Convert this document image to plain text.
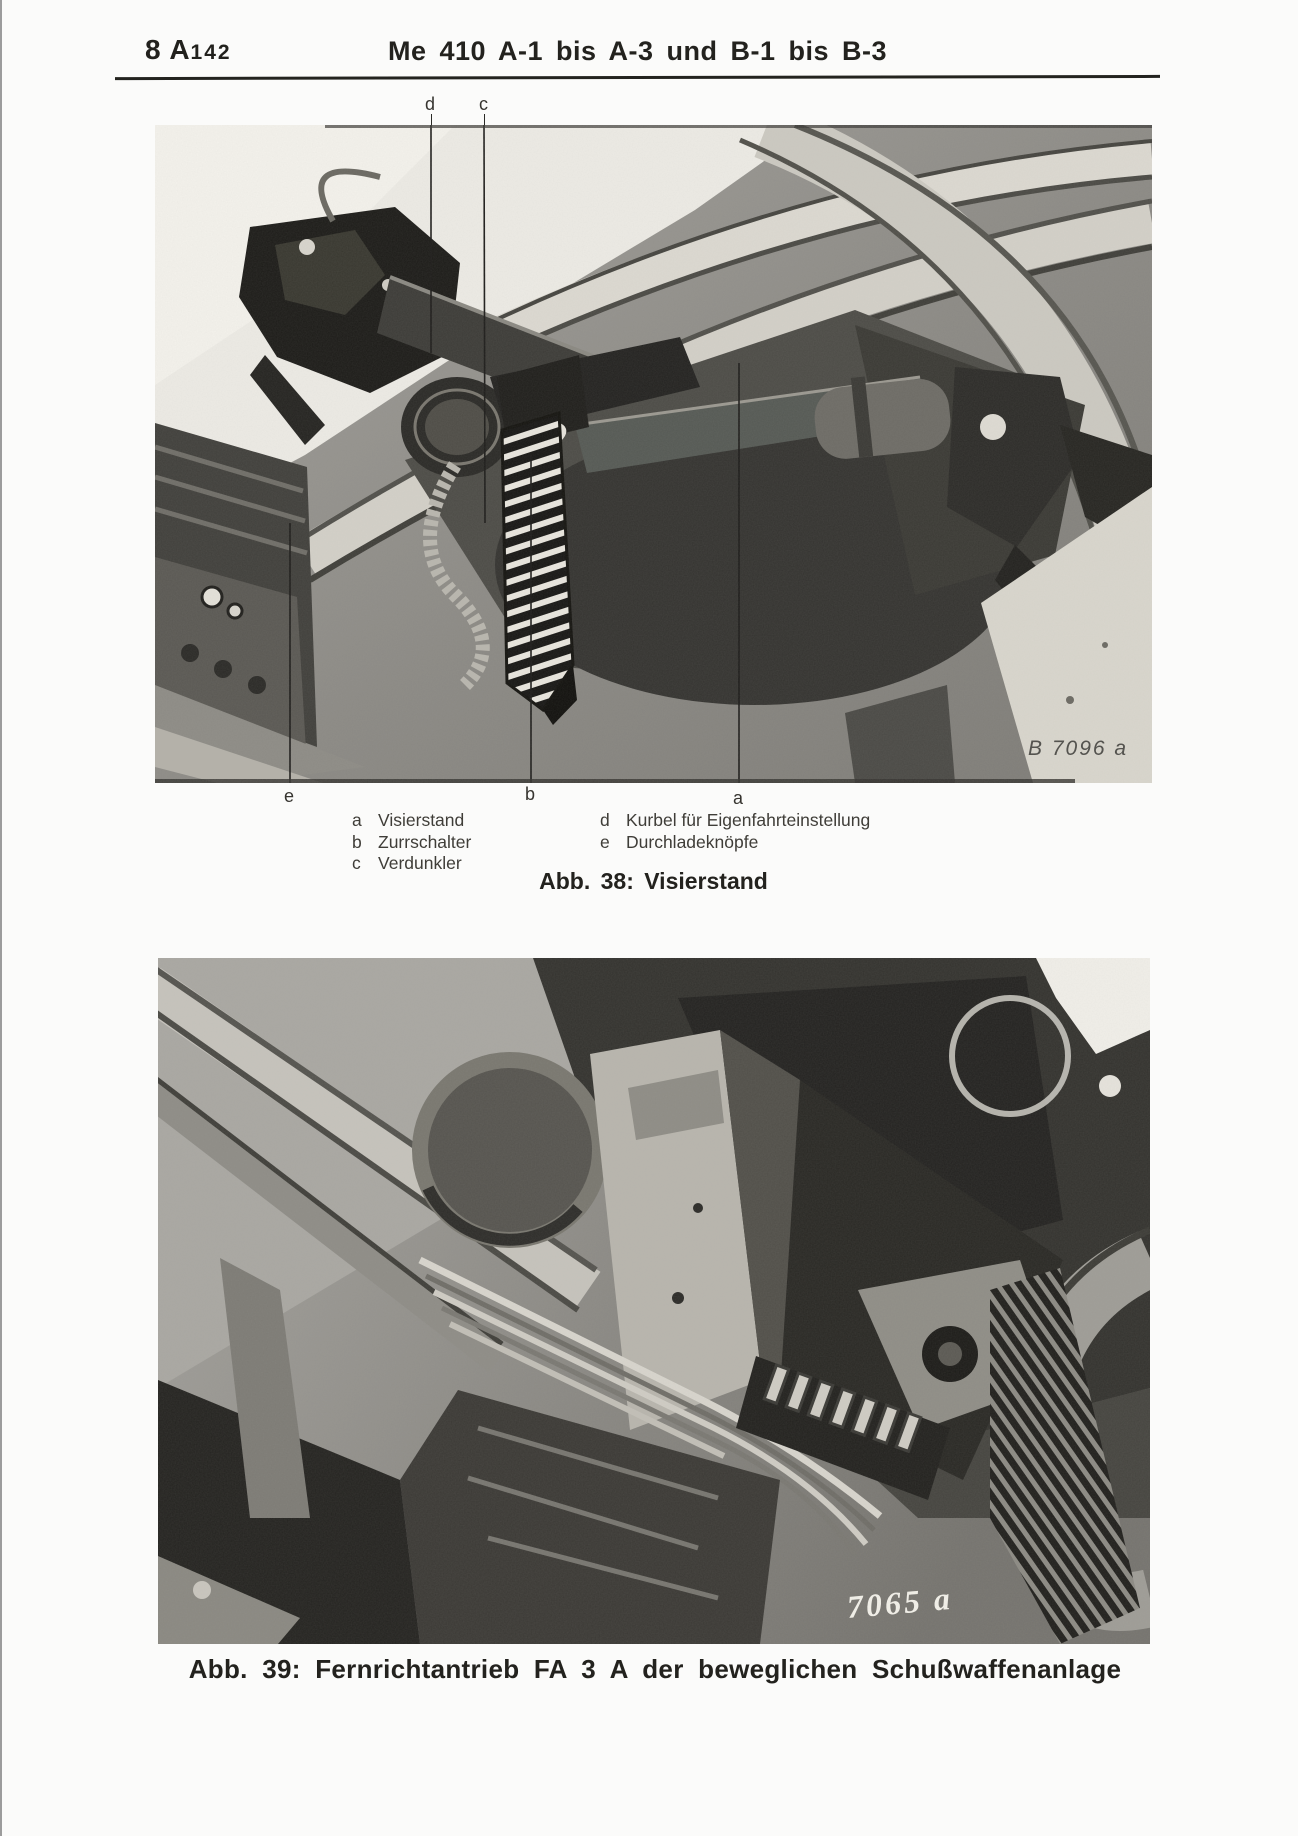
8 A142	Me 410 A-1 bis A-3 und B-1 bis B-3
d c
B 7096 a
e	b	a
a Visierstand
b Zurrschalter
c Verdunkler
d Kurbel für Eigenfahrteinstellung
e Durchladeknöpfe
Abb. 38: Visierstand
7065 a
Abb. 39: Fernrichtantrieb FA 3 A der beweglichen Schußwaffenanlage
